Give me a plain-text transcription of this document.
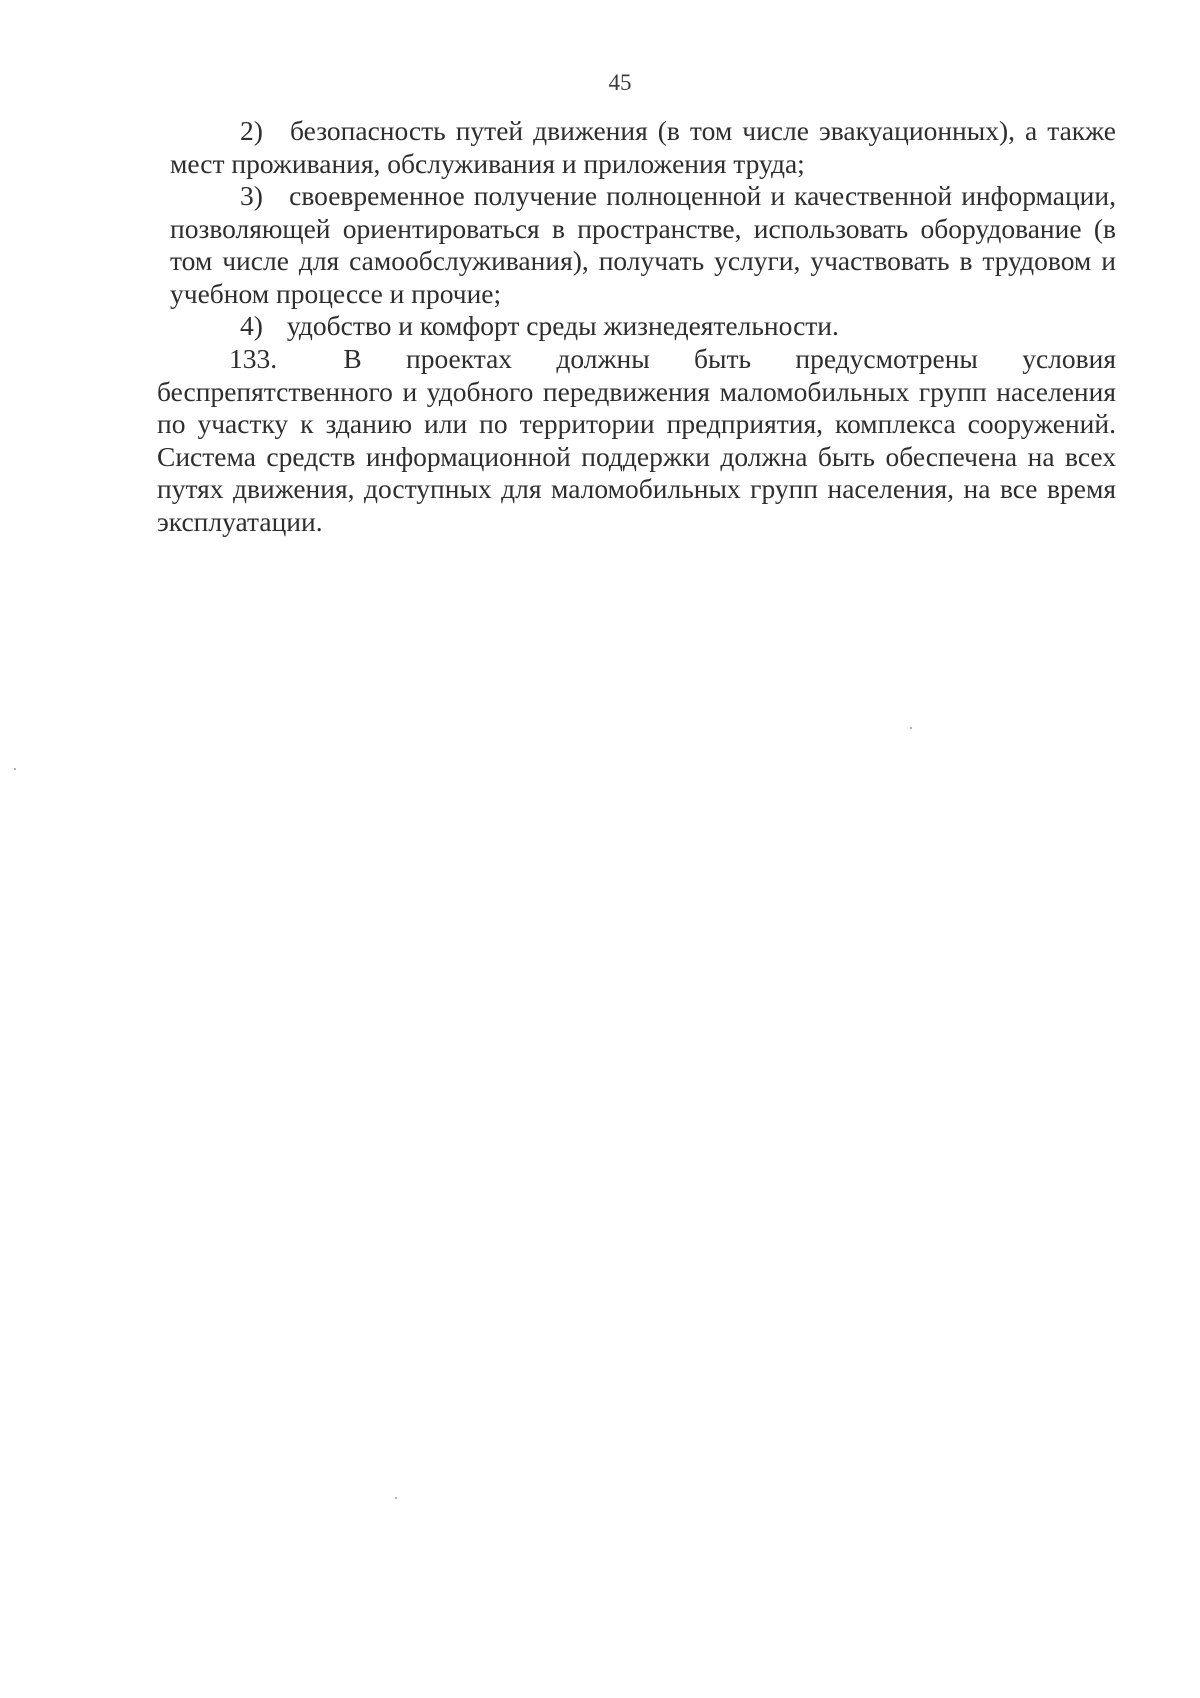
45

2) безопасность путей движения (в том числе эвакуационных), а также мест проживания, обслуживания и приложения труда;

3) своевременное получение полноценной и качественной информации, позволяющей ориентироваться в пространстве, использовать оборудование (в том числе для самообслуживания), получать услуги, участвовать в трудовом и учебном процессе и прочие;

4) удобство и комфорт среды жизнедеятельности.

133. В проектах должны быть предусмотрены условия беспрепятственного и удобного передвижения маломобильных групп населения по участку к зданию или по территории предприятия, комплекса сооружений. Система средств информационной поддержки должна быть обеспечена на всех путях движения, доступных для маломобильных групп населения, на все время эксплуатации.
